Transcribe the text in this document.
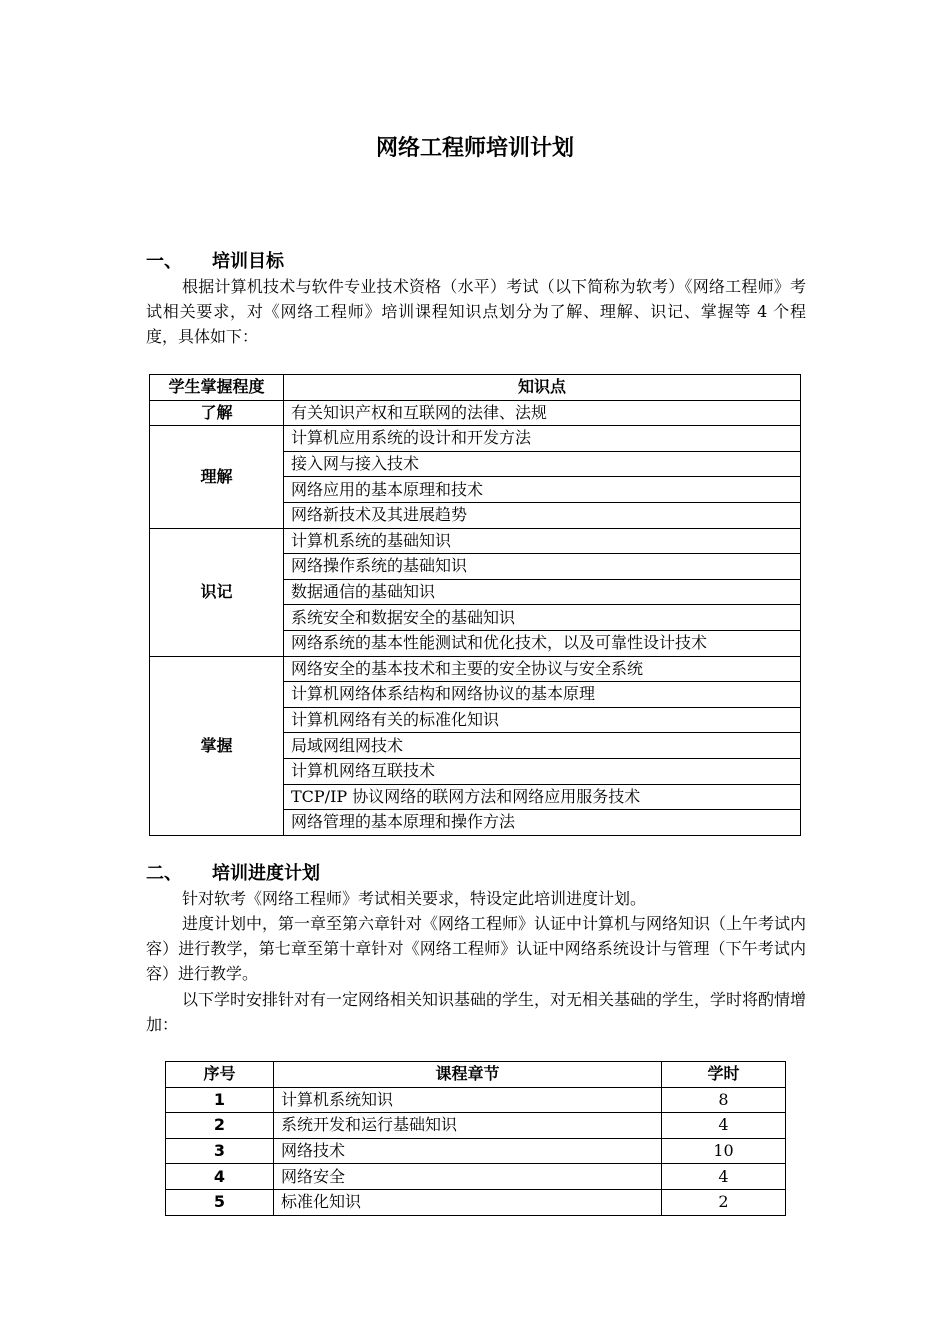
网络工程师培训计划
一、 培训目标

根据计算机技术与软件专业技术资格（水平）考试（以下简称为软考）《网络工程师》考试相关要求，对《网络工程师》培训课程知识点划分为了解、理解、识记、掌握等 4 个程度，具体如下：

学生掌握程度	知识点
了解	有关知识产权和互联网的法律、法规
理解	计算机应用系统的设计和开发方法
	接入网与接入技术
	网络应用的基本原理和技术
	网络新技术及其进展趋势
识记	计算机系统的基础知识
	网络操作系统的基础知识
	数据通信的基础知识
	系统安全和数据安全的基础知识
	网络系统的基本性能测试和优化技术，以及可靠性设计技术
掌握	网络安全的基本技术和主要的安全协议与安全系统
	计算机网络体系结构和网络协议的基本原理
	计算机网络有关的标准化知识
	局域网组网技术
	计算机网络互联技术
	TCP/IP 协议网络的联网方法和网络应用服务技术
	网络管理的基本原理和操作方法
二、 培训进度计划

针对软考《网络工程师》考试相关要求，特设定此培训进度计划。

进度计划中，第一章至第六章针对《网络工程师》认证中计算机与网络知识（上午考试内容）进行教学，第七章至第十章针对《网络工程师》认证中网络系统设计与管理（下午考试内容）进行教学。

以下学时安排针对有一定网络相关知识基础的学生，对无相关基础的学生，学时将酌情增加：

序号	课程章节	学时
1	计算机系统知识	8
2	系统开发和运行基础知识	4
3	网络技术	10
4	网络安全	4
5	标准化知识	2
